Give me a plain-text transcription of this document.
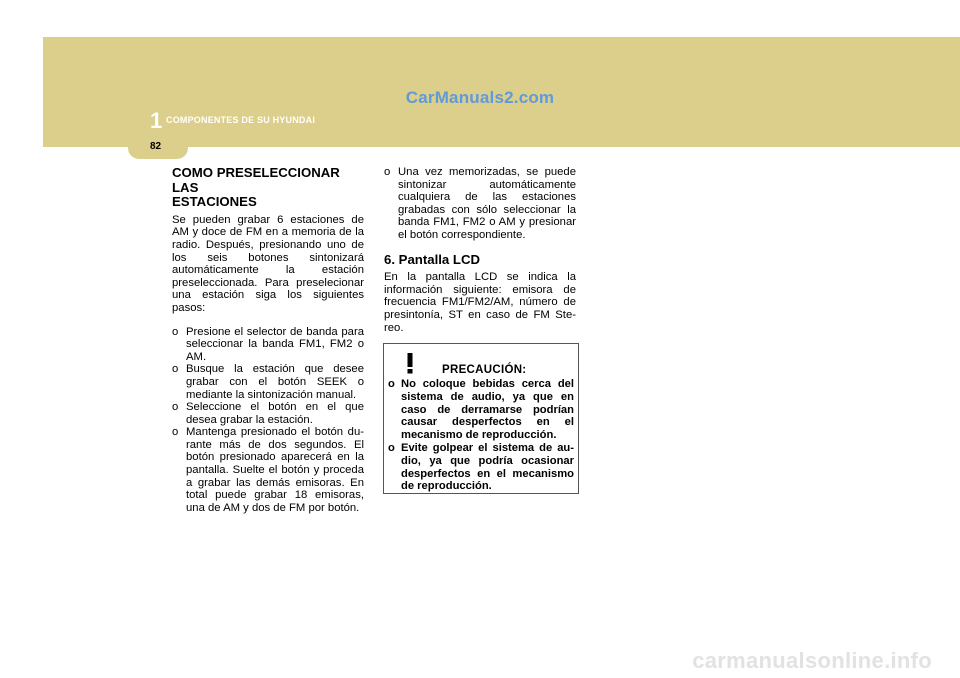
CarManuals2.com
1 COMPONENTES DE SU HYUNDAI
82
COMO PRESELECCIONAR LAS
ESTACIONES

Se pueden grabar 6 estaciones de AM y doce de FM en a memoria de la radio. Después, presionando uno de los seis botones sintonizará automáticamente la estación preseleccionada. Para preselecionar una estación siga los siguientes pasos:

o Presione el selector de banda para seleccionar la banda FM1, FM2 o AM.
o Busque la estación que desee grabar con el botón SEEK o mediante la sintonización manual.
o Seleccione el botón en el que desea grabar la estación.
o Mantenga presionado el botón du-rante más de dos segundos. El botón presionado aparecerá en la pantalla. Suelte el botón y proceda a grabar las demás emisoras. En total puede grabar 18 emisoras, una de AM y dos de FM por botón.
o Una vez memorizadas, se puede sintonizar automáticamente cualquiera de las estaciones grabadas con sólo seleccionar la banda FM1, FM2 o AM y presionar el botón correspondiente.
6. Pantalla LCD

En la pantalla LCD se indica la información siguiente: emisora de frecuencia FM1/FM2/AM, número de presintonía, ST en caso de FM Ste-reo.

PRECAUCIÓN:
o No coloque bebidas cerca del sistema de audio, ya que en caso de derramarse podrían causar desperfectos en el mecanismo de reproducción.
o Evite golpear el sistema de au-dio, ya que podría ocasionar desperfectos en el mecanismo de reproducción.
carmanualsonline.info
